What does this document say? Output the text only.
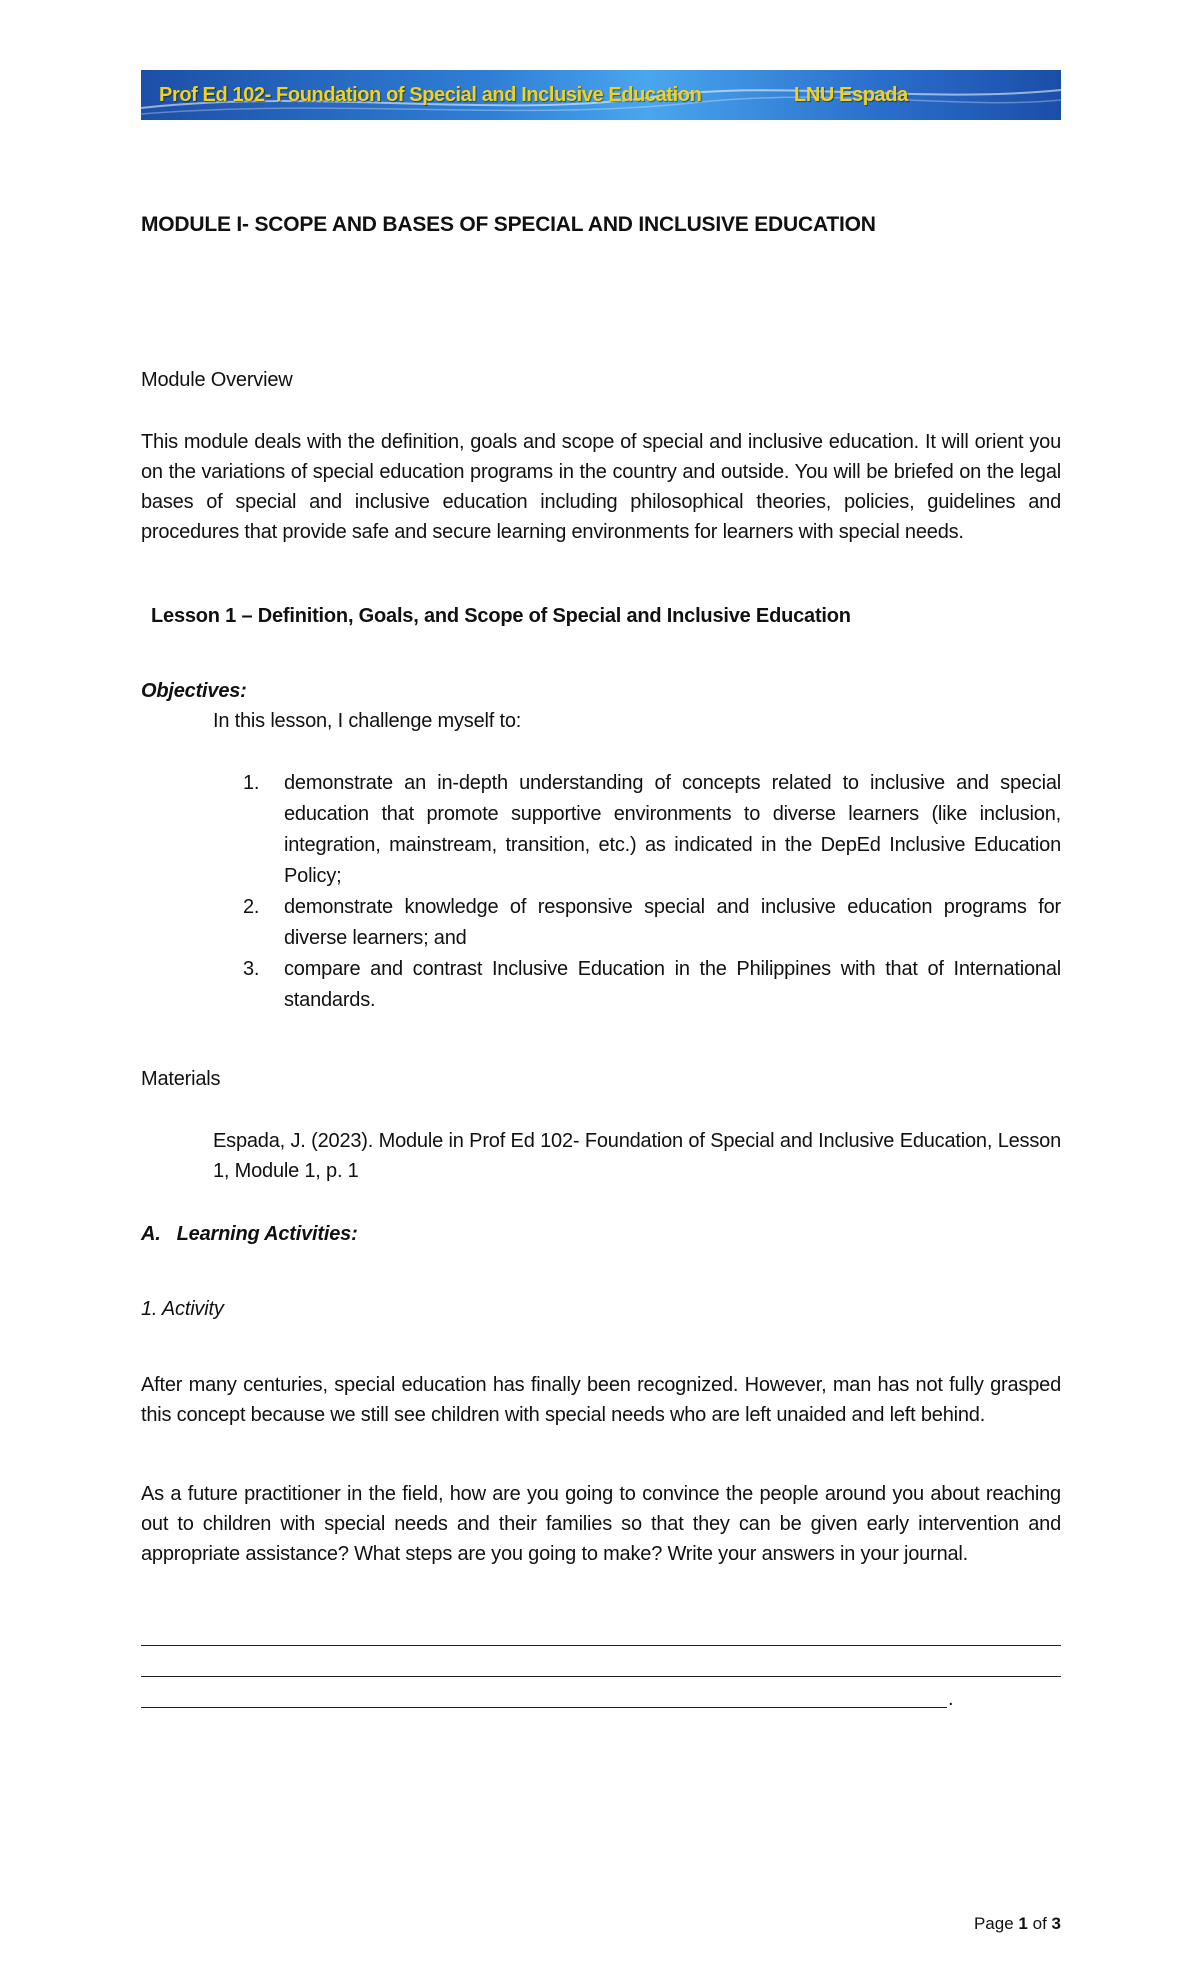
Prof Ed 102- Foundation of Special and Inclusive Education	LNU Espada
MODULE I- SCOPE AND BASES OF SPECIAL AND INCLUSIVE EDUCATION
Module Overview
This module deals with the definition, goals and scope of special and inclusive education. It will orient you on the variations of special education programs in the country and outside. You will be briefed on the legal bases of special and inclusive education including philosophical theories, policies, guidelines and procedures that provide safe and secure learning environments for learners with special needs.
Lesson 1 – Definition, Goals, and Scope of Special and Inclusive Education
Objectives:
In this lesson, I challenge myself to:
1. demonstrate an in-depth understanding of concepts related to inclusive and special education that promote supportive environments to diverse learners (like inclusion, integration, mainstream, transition, etc.) as indicated in the DepEd Inclusive Education Policy;
2. demonstrate knowledge of responsive special and inclusive education programs for diverse learners; and
3. compare and contrast Inclusive Education in the Philippines with that of International standards.
Materials
Espada, J. (2023). Module in Prof Ed 102- Foundation of Special and Inclusive Education, Lesson 1, Module 1, p. 1
A.   Learning Activities:
1. Activity
After many centuries, special education has finally been recognized. However, man has not fully grasped this concept because we still see children with special needs who are left unaided and left behind.
As a future practitioner in the field, how are you going to convince the people around you about reaching out to children with special needs and their families so that they can be given early intervention and appropriate assistance? What steps are you going to make? Write your answers in your journal.
.
Page 1 of 3
